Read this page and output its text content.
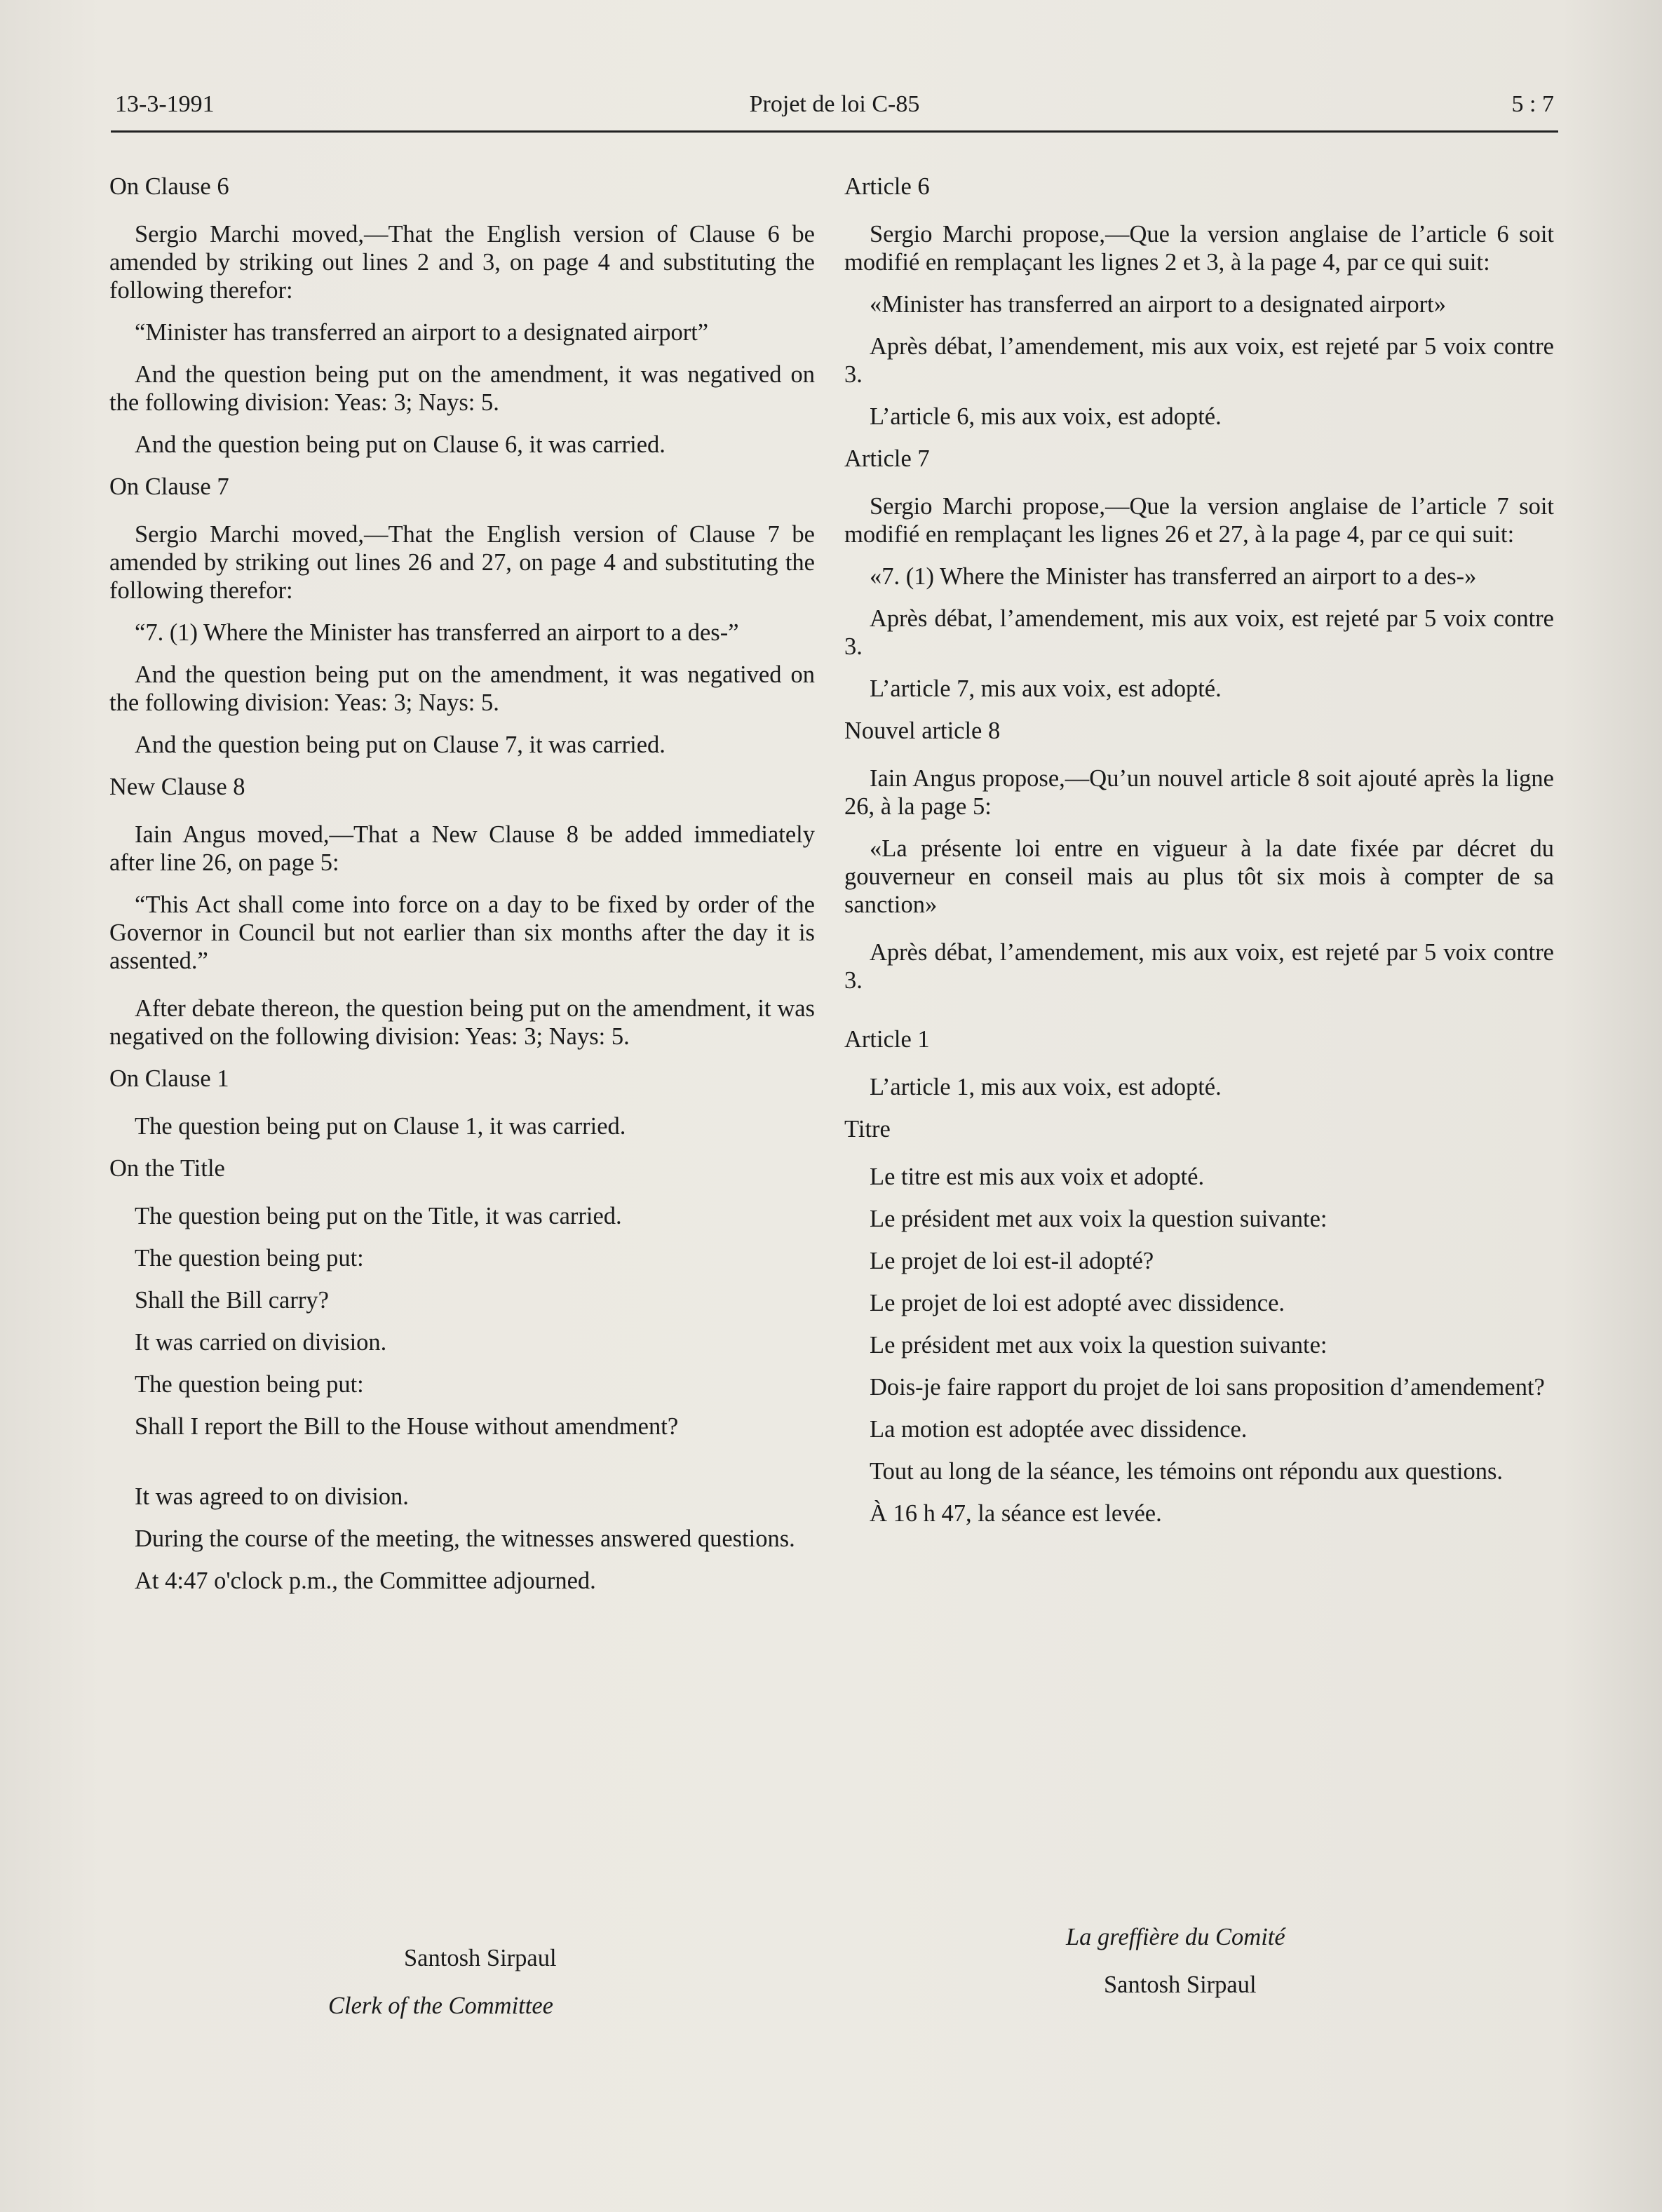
13-3-1991	Projet de loi C-85	5 : 7
On Clause 6
Sergio Marchi moved,—That the English version of Clause 6 be amended by striking out lines 2 and 3, on page 4 and substituting the following therefor:
“Minister has transferred an airport to a designated airport”
And the question being put on the amendment, it was negatived on the following division: Yeas: 3; Nays: 5.
And the question being put on Clause 6, it was carried.
On Clause 7
Sergio Marchi moved,—That the English version of Clause 7 be amended by striking out lines 26 and 27, on page 4 and substituting the following therefor:
“7. (1) Where the Minister has transferred an airport to a des-”
And the question being put on the amendment, it was negatived on the following division: Yeas: 3; Nays: 5.
And the question being put on Clause 7, it was carried.
New Clause 8
Iain Angus moved,—That a New Clause 8 be added immediately after line 26, on page 5:
“This Act shall come into force on a day to be fixed by order of the Governor in Council but not earlier than six months after the day it is assented.”
After debate thereon, the question being put on the amendment, it was negatived on the following division: Yeas: 3; Nays: 5.
On Clause 1
The question being put on Clause 1, it was carried.
On the Title
The question being put on the Title, it was carried.
The question being put:
Shall the Bill carry?
It was carried on division.
The question being put:
Shall I report the Bill to the House without amendment?
It was agreed to on division.
During the course of the meeting, the witnesses answered questions.
At 4:47 o'clock p.m., the Committee adjourned.
Article 6
Sergio Marchi propose,—Que la version anglaise de l’article 6 soit modifié en remplaçant les lignes 2 et 3, à la page 4, par ce qui suit:
«Minister has transferred an airport to a designated airport»
Après débat, l’amendement, mis aux voix, est rejeté par 5 voix contre 3.
L’article 6, mis aux voix, est adopté.
Article 7
Sergio Marchi propose,—Que la version anglaise de l’article 7 soit modifié en remplaçant les lignes 26 et 27, à la page 4, par ce qui suit:
«7. (1) Where the Minister has transferred an airport to a des-»
Après débat, l’amendement, mis aux voix, est rejeté par 5 voix contre 3.
L’article 7, mis aux voix, est adopté.
Nouvel article 8
Iain Angus propose,—Qu’un nouvel article 8 soit ajouté après la ligne 26, à la page 5:
«La présente loi entre en vigueur à la date fixée par décret du gouverneur en conseil mais au plus tôt six mois à compter de sa sanction»
Après débat, l’amendement, mis aux voix, est rejeté par 5 voix contre 3.
Article 1
L’article 1, mis aux voix, est adopté.
Titre
Le titre est mis aux voix et adopté.
Le président met aux voix la question suivante:
Le projet de loi est-il adopté?
Le projet de loi est adopté avec dissidence.
Le président met aux voix la question suivante:
Dois-je faire rapport du projet de loi sans proposition d’amendement?
La motion est adoptée avec dissidence.
Tout au long de la séance, les témoins ont répondu aux questions.
À 16 h 47, la séance est levée.
Santosh Sirpaul
Clerk of the Committee
La greffière du Comité
Santosh Sirpaul
